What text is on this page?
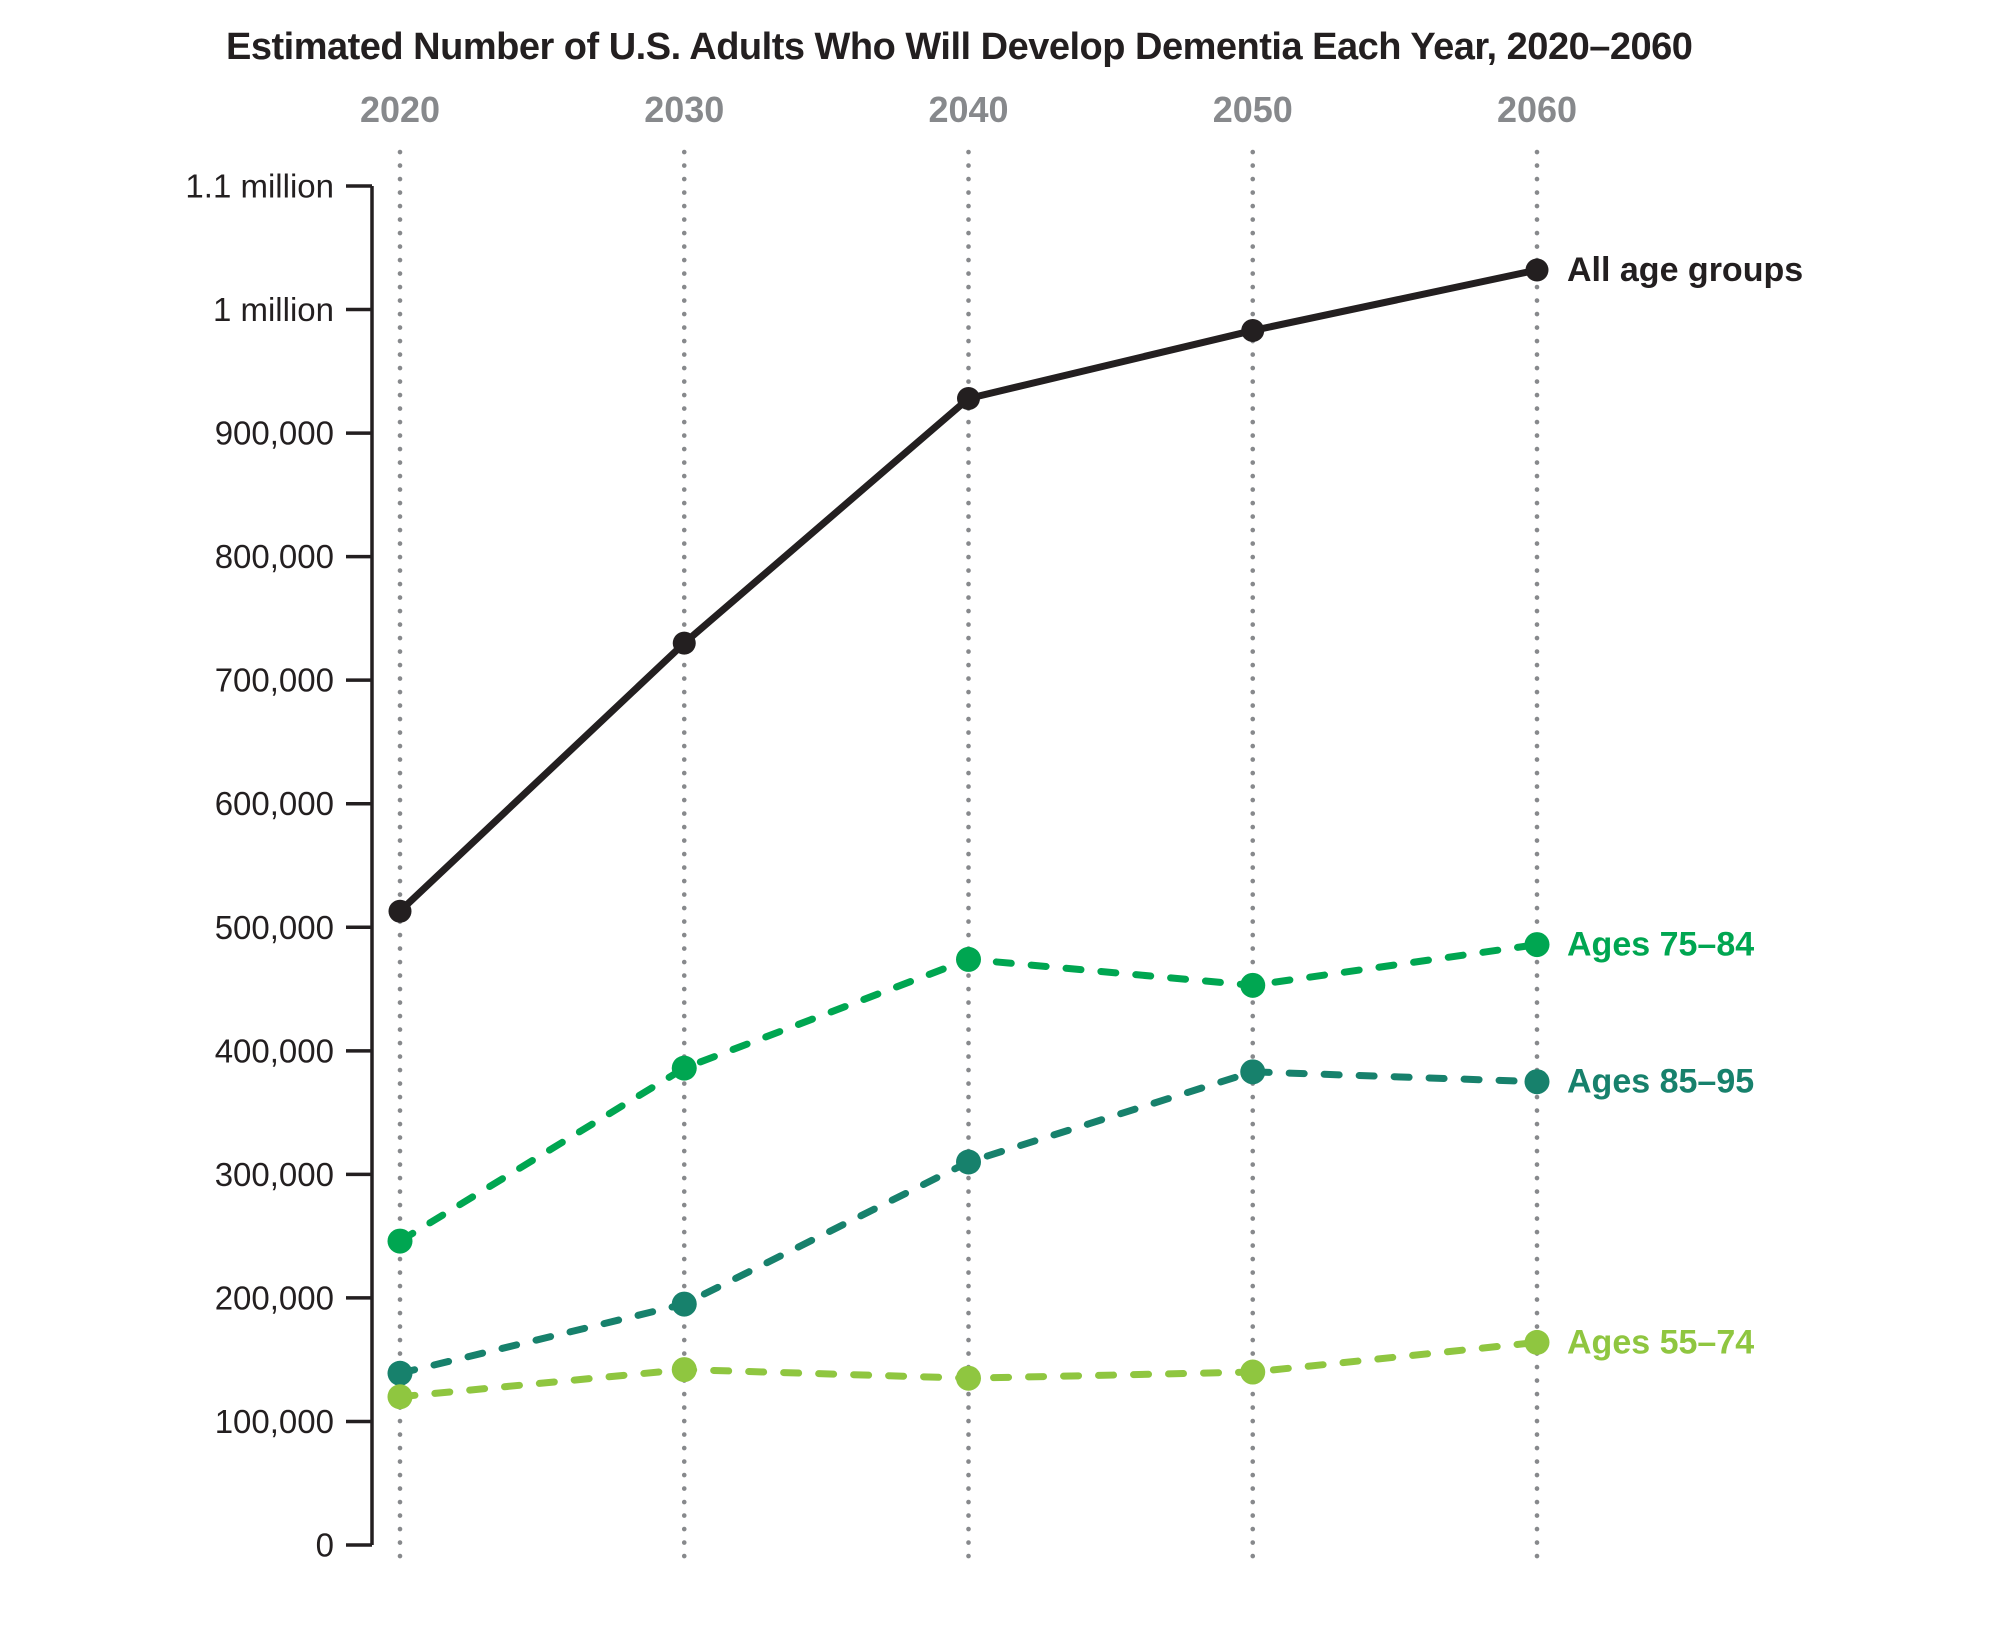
Estimated Number of U.S. Adults Who Will Develop Dementia Each Year, 2020–2060
2020	2030	2040	2050	2060
0
100,000
200,000
300,000
400,000
500,000
600,000
700,000
800,000
900,000
1 million
1.1 million
All age groups
Ages 75–84
Ages 85–95
Ages 55–74
